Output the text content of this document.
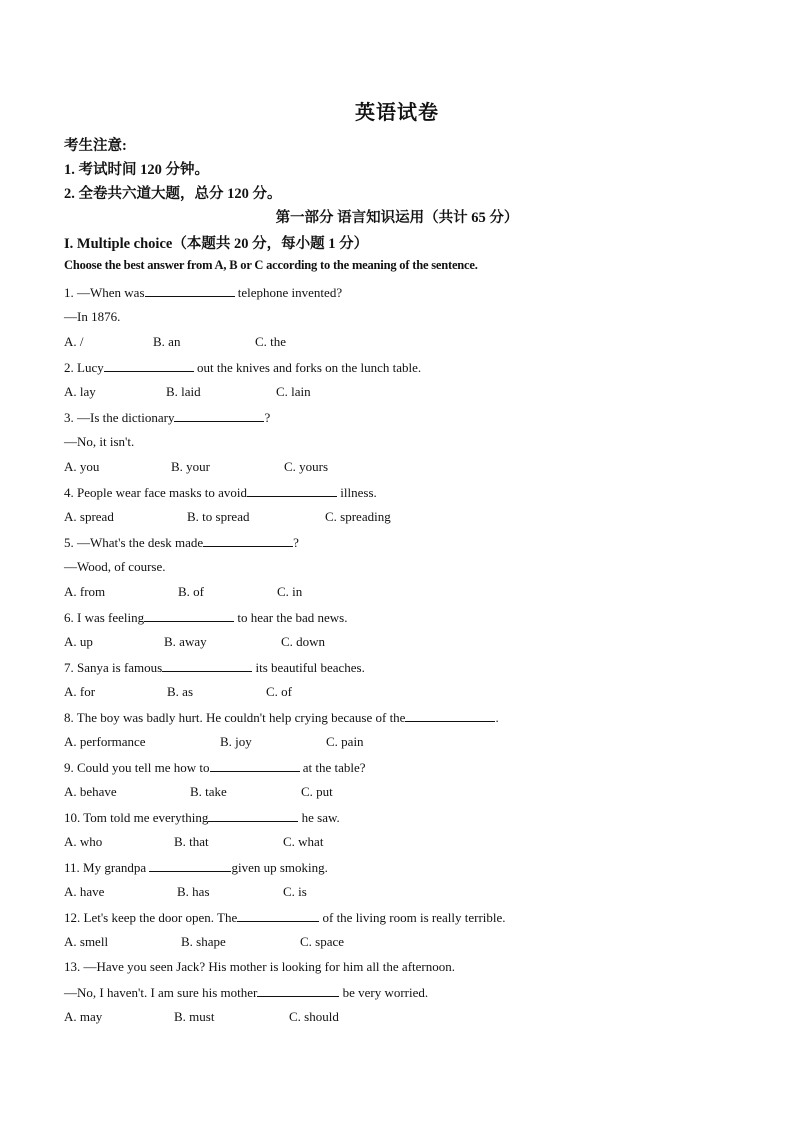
英语试卷
考生注意:
1. 考试时间 120 分钟。
2. 全卷共六道大题，总分 120 分。
第一部分 语言知识运用（共计 65 分）
I. Multiple choice（本题共 20 分，每小题 1 分）
Choose the best answer from A, B or C according to the meaning of the sentence.
1. —When was	telephone invented?
—In 1876.
A. /	B. an	C. the
2. Lucy	out the knives and forks on the lunch table.
A. lay	B. laid	C. lain
3. —Is the dictionary	?
—No, it isn't.
A. you	B. your	C. yours
4. People wear face masks to avoid	illness.
A. spread	B. to spread	C. spreading
5. —What's the desk made	?
—Wood, of course.
A. from	B. of	C. in
6. I was feeling	to hear the bad news.
A. up	B. away	C. down
7. Sanya is famous	its beautiful beaches.
A. for	B. as	C. of
8. The boy was badly hurt. He couldn't help crying because of the	.
A. performance	B. joy	C. pain
9. Could you tell me how to	at the table?
A. behave	B. take	C. put
10. Tom told me everything	he saw.
A. who	B. that	C. what
11. My grandpa	given up smoking.
A. have	B. has	C. is
12. Let's keep the door open. The	of the living room is really terrible.
A. smell	B. shape	C. space
13. —Have you seen Jack? His mother is looking for him all the afternoon.
—No, I haven't. I am sure his mother	be very worried.
A. may	B. must	C. should
